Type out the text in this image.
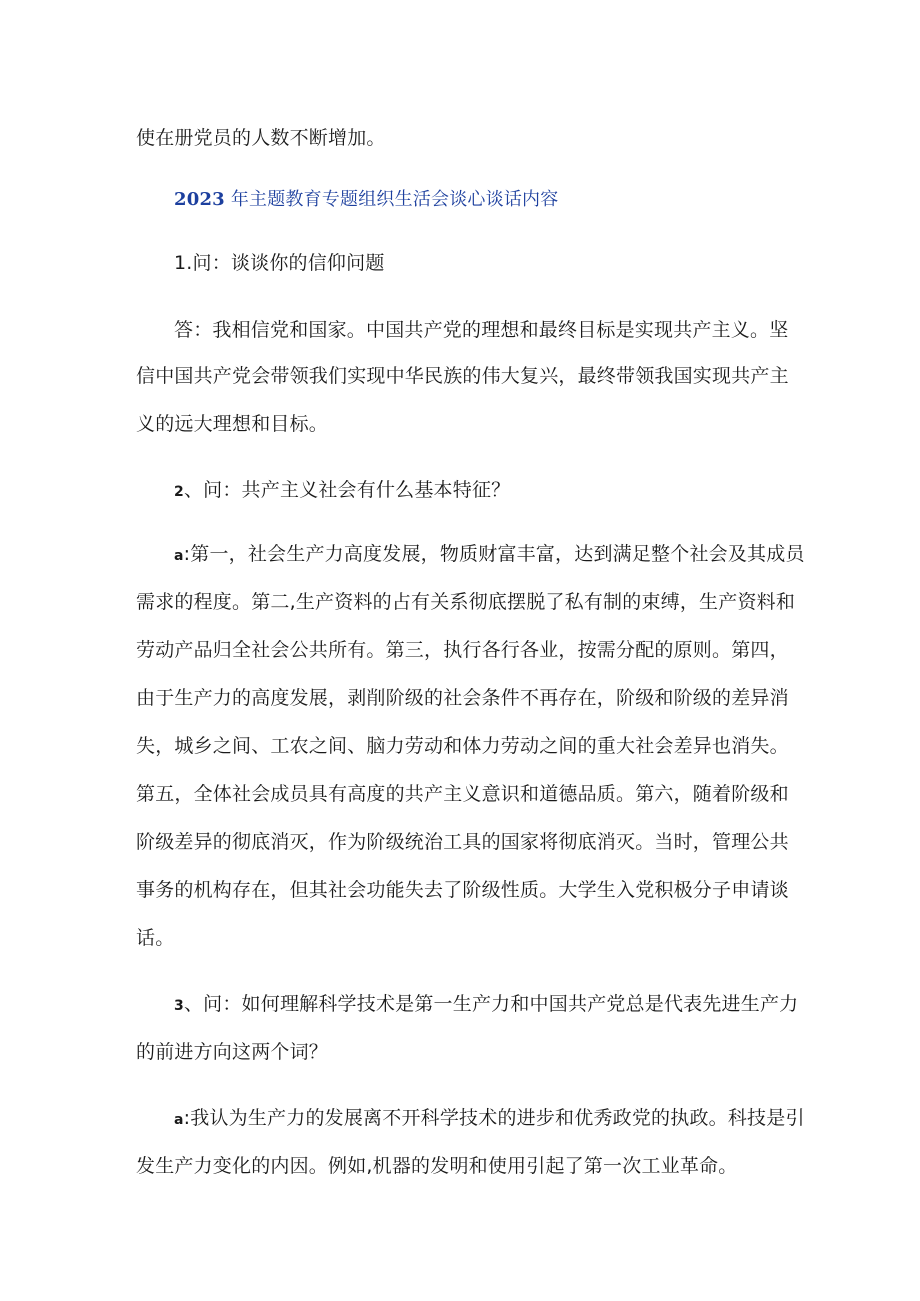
使在册党员的人数不断增加。
2023 年主题教育专题组织生活会谈心谈话内容
1.问：谈谈你的信仰问题
答：我相信党和国家。中国共产党的理想和最终目标是实现共产主义。坚
信中国共产党会带领我们实现中华民族的伟大复兴，最终带领我国实现共产主
义的远大理想和目标。
2、问：共产主义社会有什么基本特征？
a:第一，社会生产力高度发展，物质财富丰富，达到满足整个社会及其成员
需求的程度。第二,生产资料的占有关系彻底摆脱了私有制的束缚，生产资料和
劳动产品归全社会公共所有。第三，执行各行各业，按需分配的原则。第四，
由于生产力的高度发展，剥削阶级的社会条件不再存在，阶级和阶级的差异消
失，城乡之间、工农之间、脑力劳动和体力劳动之间的重大社会差异也消失。
第五，全体社会成员具有高度的共产主义意识和道德品质。第六，随着阶级和
阶级差异的彻底消灭，作为阶级统治工具的国家将彻底消灭。当时，管理公共
事务的机构存在，但其社会功能失去了阶级性质。大学生入党积极分子申请谈
话。
3、问：如何理解科学技术是第一生产力和中国共产党总是代表先进生产力
的前进方向这两个词？
a:我认为生产力的发展离不开科学技术的进步和优秀政党的执政。科技是引
发生产力变化的内因。例如,机器的发明和使用引起了第一次工业革命。
